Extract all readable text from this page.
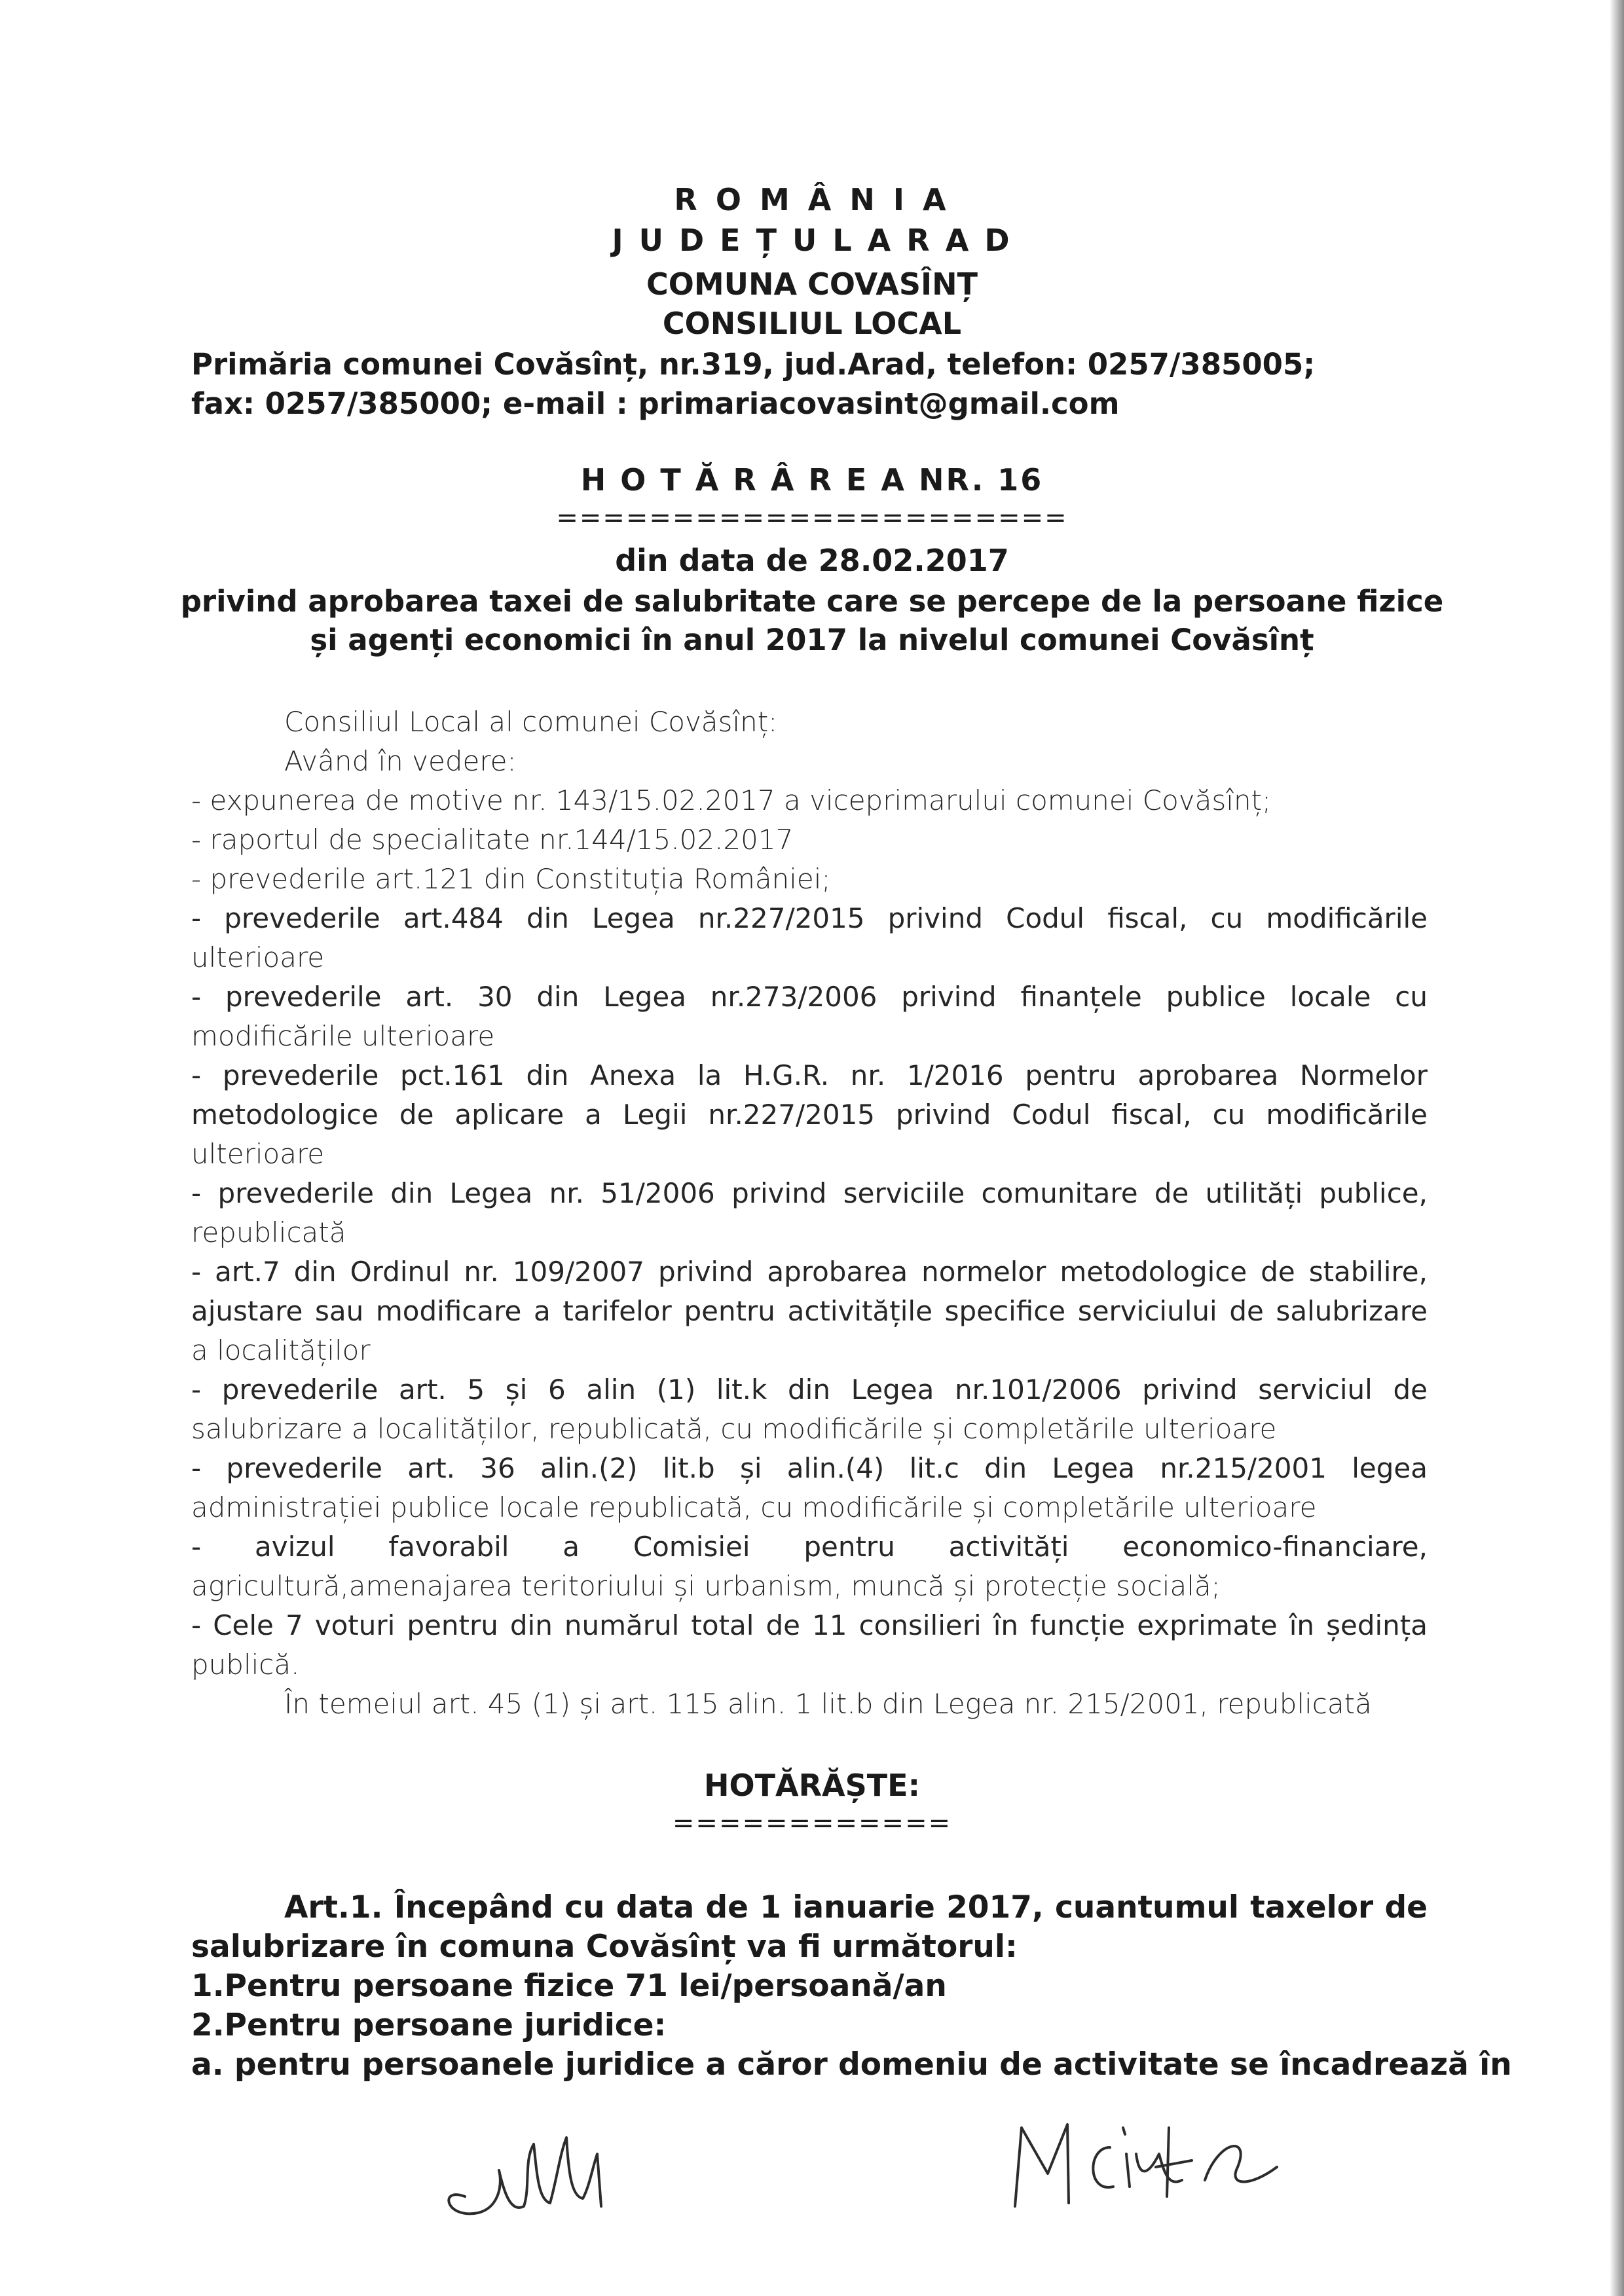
R O M Â N I A
J U D E Ț U L A R A D
COMUNA COVASÎNȚ
CONSILIUL LOCAL
Primăria comunei Covăsînț, nr.319, jud.Arad, telefon: 0257/385005;
fax: 0257/385000; e-mail : primariacovasint@gmail.com
H O T Ă R Â R E A NR. 16
======================
din data de 28.02.2017
privind aprobarea taxei de salubritate care se percepe de la persoane fizice
și agenți economici în anul 2017 la nivelul comunei Covăsînț
Consiliul Local al comunei Covăsînț:
Având în vedere:
- expunerea de motive nr. 143/15.02.2017 a viceprimarului comunei Covăsînț;
- raportul de specialitate nr.144/15.02.2017
- prevederile art.121 din Constituția României;
- prevederile art.484 din Legea nr.227/2015 privind Codul fiscal, cu modificările
ulterioare
- prevederile art. 30 din Legea nr.273/2006 privind finanțele publice locale cu
modificările ulterioare
- prevederile pct.161 din Anexa la H.G.R. nr. 1/2016 pentru aprobarea Normelor
metodologice de aplicare a Legii nr.227/2015 privind Codul fiscal, cu modificările
ulterioare
- prevederile din Legea nr. 51/2006 privind serviciile comunitare de utilități publice,
republicată
- art.7 din Ordinul nr. 109/2007 privind aprobarea normelor metodologice de stabilire,
ajustare sau modificare a tarifelor pentru activitățile specifice serviciului de salubrizare
a localităților
- prevederile art. 5 și 6 alin (1) lit.k din Legea nr.101/2006 privind serviciul de
salubrizare a localităților, republicată, cu modificările și completările ulterioare
- prevederile art. 36 alin.(2) lit.b și alin.(4) lit.c din Legea nr.215/2001 legea
administrației publice locale republicată, cu modificările și completările ulterioare
- avizul favorabil a Comisiei pentru activități economico-financiare,
agricultură,amenajarea teritoriului și urbanism, muncă și protecție socială;
- Cele 7 voturi pentru din numărul total de 11 consilieri în funcție exprimate în ședința
publică.
În temeiul art. 45 (1) și art. 115 alin. 1 lit.b din Legea nr. 215/2001, republicată
HOTĂRĂȘTE:
============
Art.1. Începând cu data de 1 ianuarie 2017, cuantumul taxelor de
salubrizare în comuna Covăsînț va fi următorul:
1.Pentru persoane fizice 71 lei/persoană/an
2.Pentru persoane juridice:
a. pentru persoanele juridice a căror domeniu de activitate se încadrează în
